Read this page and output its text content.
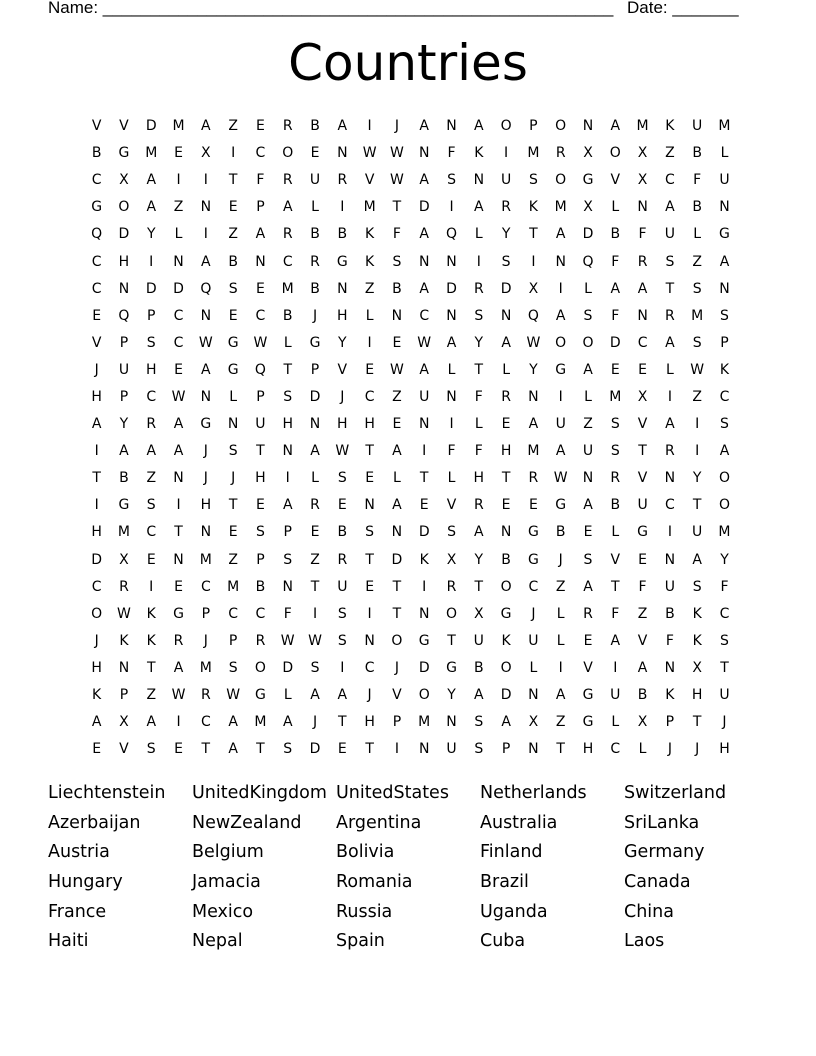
Name: ______________________________________________________ Date: _______
Countries
V	V	D	M	A	Z	E	R	B	A	I	J	A	N	A	O	P	O	N	A	M	K	U	M
B	G	M	E	X	I	C	O	E	N	W W	N	F	K	I	M	R	X	O	X	Z	B	L
C	X	A	I	I	T	F	R	U	R	V	W	A	S	N	U	S	O	G	V	X	C	F	U
G	O	A	Z	N	E	P	A	L	I	M	T	D	I	A	R	K	M	X	L	N	A	B	N
Q	D	Y	L	I	Z	A	R	B	B	K	F	A	Q	L	Y	T	A	D	B	F	U	L	G
C	H	I	N	A	B	N	C	R	G	K	S	N	N	I	S	I	N	Q	F	R	S	Z	A
C	N	D	D	Q	S	E	M	B	N	Z	B	A	D	R	D	X	I	L	A	A	T	S	N
E	Q	P	C	N	E	C	B	J	H	L	N	C	N	S	N	Q	A	S	F	N	R	M	S
V	P	S	C	W	G	W	L	G	Y	I	E	W	A	Y	A	W	O	O	D	C	A	S	P
J	U	H	E	A	G	Q	T	P	V	E	W	A	L	T	L	Y	G	A	E	E	L	W	K
H	P	C	W	N	L	P	S	D	J	C	Z	U	N	F	R	N	I	L	M	X	I	Z	C
A	Y	R	A	G	N	U	H	N	H	H	E	N	I	L	E	A	U	Z	S	V	A	I	S
I	A	A	A	J	S	T	N	A	W	T	A	I	F	F	H	M	A	U	S	T	R	I	A
T	B	Z	N	J	J	H	I	L	S	E	L	T	L	H	T	R	W	N	R	V	N	Y	O
I	G	S	I	H	T	E	A	R	E	N	A	E	V	R	E	E	G	A	B	U	C	T	O
H	M	C	T	N	E	S	P	E	B	S	N	D	S	A	N	G	B	E	L	G	I	U	M
D	X	E	N	M	Z	P	S	Z	R	T	D	K	X	Y	B	G	J	S	V	E	N	A	Y
C	R	I	E	C	M	B	N	T	U	E	T	I	R	T	O	C	Z	A	T	F	U	S	F
O	W	K	G	P	C	C	F	I	S	I	T	N	O	X	G	J	L	R	F	Z	B	K	C
J	K	K	R	J	P	R	W W	S	N	O	G	T	U	K	U	L	E	A	V	F	K	S
H	N	T	A	M	S	O	D	S	I	C	J	D	G	B	O	L	I	V	I	A	N	X	T
K	P	Z	W	R	W	G	L	A	A	J	V	O	Y	A	D	N	A	G	U	B	K	H	U
A	X	A	I	C	A	M	A	J	T	H	P	M	N	S	A	X	Z	G	L	X	P	T	J
E	V	S	E	T	A	T	S	D	E	T	I	N	U	S	P	N	T	H	C	L	J	J	H
Liechtenstein	UnitedKingdom UnitedStates	Netherlands	Switzerland
Azerbaijan	NewZealand	Argentina	Australia	SriLanka
Austria	Belgium	Bolivia	Finland	Germany
Hungary	Jamacia	Romania	Brazil	Canada
France	Mexico	Russia	Uganda	China
Haiti	Nepal	Spain	Cuba	Laos
